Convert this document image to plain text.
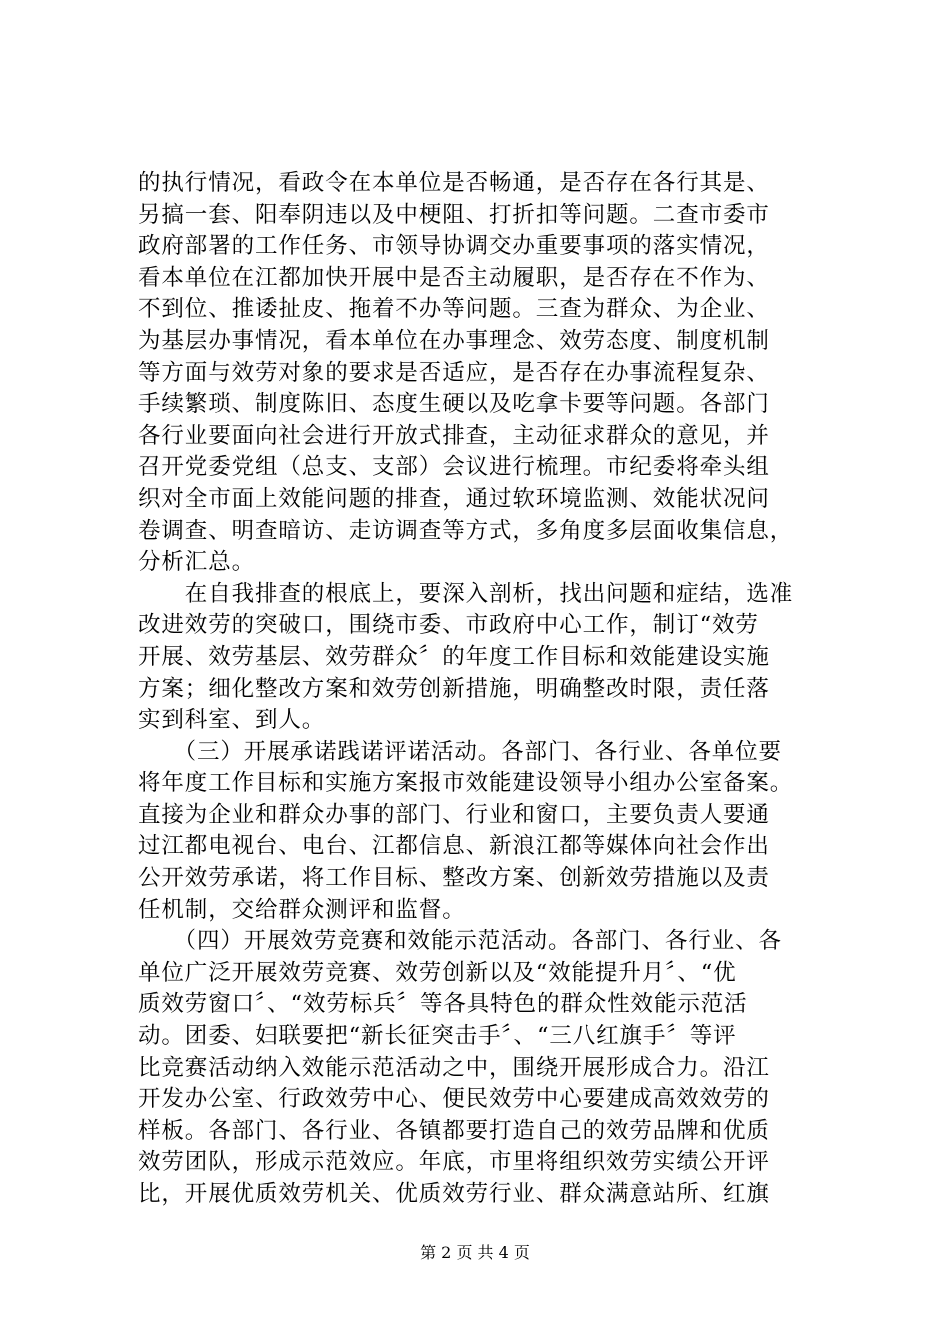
的执行情况，看政令在本单位是否畅通，是否存在各行其是、
另搞一套、阳奉阴违以及中梗阻、打折扣等问题。二查市委市
政府部署的工作任务、市领导协调交办重要事项的落实情况，
看本单位在江都加快开展中是否主动履职，是否存在不作为、
不到位、推诿扯皮、拖着不办等问题。三查为群众、为企业、
为基层办事情况，看本单位在办事理念、效劳态度、制度机制
等方面与效劳对象的要求是否适应，是否存在办事流程复杂、
手续繁琐、制度陈旧、态度生硬以及吃拿卡要等问题。各部门
各行业要面向社会进行开放式排查，主动征求群众的意见，并
召开党委党组（总支、支部）会议进行梳理。市纪委将牵头组
织对全市面上效能问题的排查，通过软环境监测、效能状况问
卷调查、明查暗访、走访调查等方式，多角度多层面收集信息，
分析汇总。
　　在自我排查的根底上，要深入剖析，找出问题和症结，选准
改进效劳的突破口，围绕市委、市政府中心工作，制订“效劳
开展、效劳基层、效劳群众〞的年度工作目标和效能建设实施
方案；细化整改方案和效劳创新措施，明确整改时限，责任落
实到科室、到人。
　　（三）开展承诺践诺评诺活动。各部门、各行业、各单位要
将年度工作目标和实施方案报市效能建设领导小组办公室备案。
直接为企业和群众办事的部门、行业和窗口，主要负责人要通
过江都电视台、电台、江都信息、新浪江都等媒体向社会作出
公开效劳承诺，将工作目标、整改方案、创新效劳措施以及责
任机制，交给群众测评和监督。
　　（四）开展效劳竞赛和效能示范活动。各部门、各行业、各
单位广泛开展效劳竞赛、效劳创新以及“效能提升月〞、“优
质效劳窗口〞、“效劳标兵〞等各具特色的群众性效能示范活
动。团委、妇联要把“新长征突击手〞、“三八红旗手〞等评
比竞赛活动纳入效能示范活动之中，围绕开展形成合力。沿江
开发办公室、行政效劳中心、便民效劳中心要建成高效效劳的
样板。各部门、各行业、各镇都要打造自己的效劳品牌和优质
效劳团队，形成示范效应。年底，市里将组织效劳实绩公开评
比，开展优质效劳机关、优质效劳行业、群众满意站所、红旗
第 2 页 共 4 页
